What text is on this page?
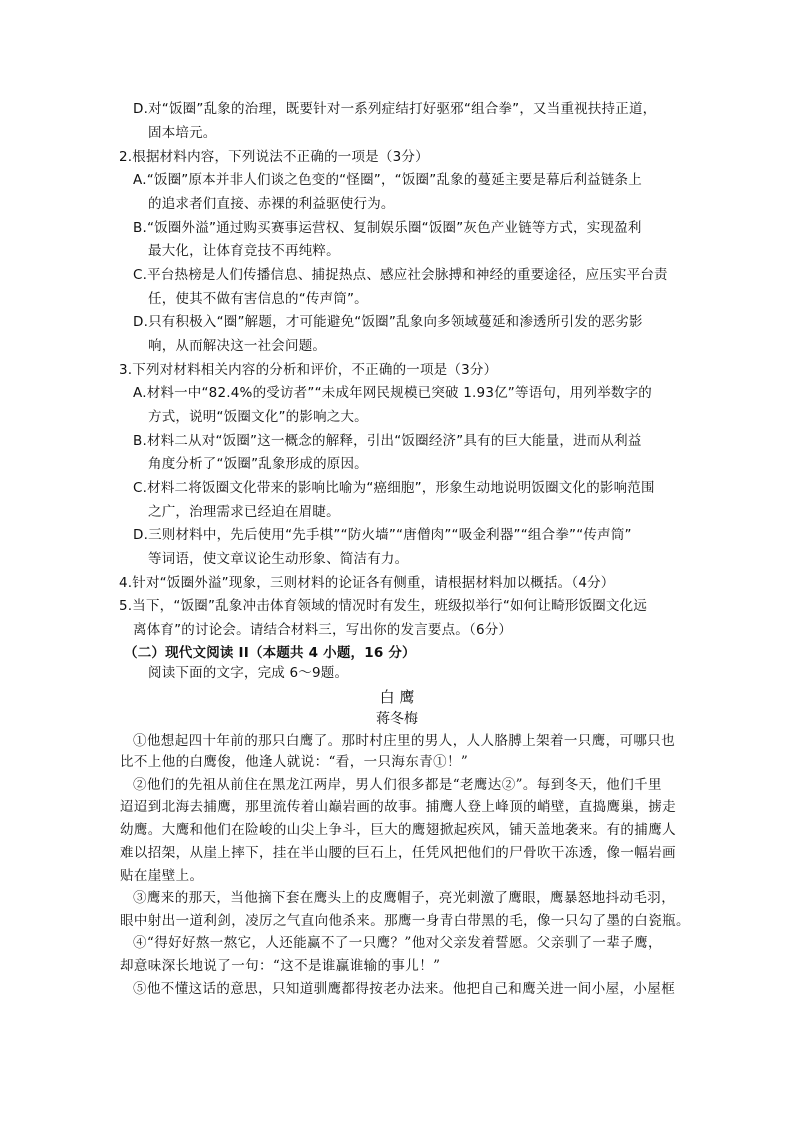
D.对“饭圈”乱象的治理，既要针对一系列症结打好驱邪“组合拳”，又当重视扶持正道，
固本培元。
2.根据材料内容，下列说法不正确的一项是（3分）
A.“饭圈”原本并非人们谈之色变的“怪圈”，“饭圈”乱象的蔓延主要是幕后利益链条上
的追求者们直接、赤裸的利益驱使行为。
B.“饭圈外溢”通过购买赛事运营权、复制娱乐圈“饭圈”灰色产业链等方式，实现盈利
最大化，让体育竞技不再纯粹。
C.平台热榜是人们传播信息、捕捉热点、感应社会脉搏和神经的重要途径，应压实平台责
任，使其不做有害信息的“传声筒”。
D.只有积极入“圈”解题，才可能避免“饭圈”乱象向多领域蔓延和渗透所引发的恶劣影
响，从而解决这一社会问题。
3.下列对材料相关内容的分析和评价，不正确的一项是（3分）
A.材料一中“82.4%的受访者”“未成年网民规模已突破 1.93亿”等语句，用列举数字的
方式，说明“饭圈文化”的影响之大。
B.材料二从对“饭圈”这一概念的解释，引出“饭圈经济”具有的巨大能量，进而从利益
角度分析了“饭圈”乱象形成的原因。
C.材料二将饭圈文化带来的影响比喻为“癌细胞”，形象生动地说明饭圈文化的影响范围
之广，治理需求已经迫在眉睫。
D.三则材料中，先后使用“先手棋”“防火墙”“唐僧肉”“吸金利器”“组合拳”“传声筒”
等词语，使文章议论生动形象、简洁有力。
4.针对“饭圈外溢”现象，三则材料的论证各有侧重，请根据材料加以概括。（4分）
5.当下，“饭圈”乱象冲击体育领域的情况时有发生，班级拟举行“如何让畸形饭圈文化远
离体育”的讨论会。请结合材料三，写出你的发言要点。（6分）
（二）现代文阅读 II（本题共 4 小题，16 分）
阅读下面的文字，完成 6～9题。
白 鹰
蒋冬梅
①他想起四十年前的那只白鹰了。那时村庄里的男人，人人胳膊上架着一只鹰，可哪只也
比不上他的白鹰俊，他逢人就说：“看，一只海东青①！”
②他们的先祖从前住在黑龙江两岸，男人们很多都是“老鹰达②”。每到冬天，他们千里
迢迢到北海去捕鹰，那里流传着山巅岩画的故事。捕鹰人登上峰顶的峭壁，直捣鹰巢，掳走
幼鹰。大鹰和他们在险峻的山尖上争斗，巨大的鹰翅掀起疾风，铺天盖地袭来。有的捕鹰人
难以招架，从崖上摔下，挂在半山腰的巨石上，任凭风把他们的尸骨吹干冻透，像一幅岩画
贴在崖壁上。
③鹰来的那天，当他摘下套在鹰头上的皮鹰帽子，亮光刺激了鹰眼，鹰暴怒地抖动毛羽，
眼中射出一道利剑，凌厉之气直向他杀来。那鹰一身青白带黑的毛，像一只勾了墨的白瓷瓶。
④“得好好熬一熬它，人还能赢不了一只鹰？”他对父亲发着誓愿。父亲驯了一辈子鹰，
却意味深长地说了一句：“这不是谁赢谁输的事儿！”
⑤他不懂这话的意思，只知道驯鹰都得按老办法来。他把自己和鹰关进一间小屋，小屋框
